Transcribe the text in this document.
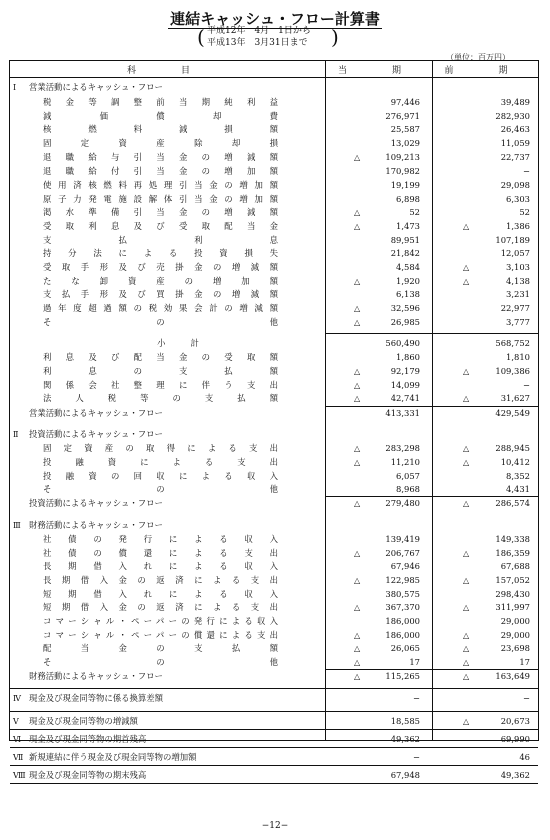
連結キャッシュ・フロー計算書
( 平成12年　4月　1日から
平成13年　3月31日まで )
（単位：百万円）
科　目	当　期	前　期
Ⅰ 営業活動によるキャッシュ・フロー
税金等調整前当期純利益	97,446	39,489
減価償却費	276,971	282,930
核燃料減損額	25,587	26,463
固定資産除却損	13,029	11,059
退職給与引当金の増減額	△	109,213	22,737
退職給付引当金の増加額	170,982	−
使用済核燃料再処理引当金の増加額	19,199	29,098
原子力発電施設解体引当金の増加額	6,898	6,303
渇水準備引当金の増減額	△	52	52
受取利息及び受取配当金	△	1,473	△	1,386
支払利息	89,951	107,189
持分法による投資損失	21,842	12,057
受取手形及び売掛金の増減額	4,584	△	3,103
たな卸資産の増加額	△	1,920	△	4,138
支払手形及び買掛金の増減額	6,138	3,231
過年度超過額の税効果会計の増減額	△	32,596	22,977
その他	△	26,985	3,777
小　　　計	560,490	568,752
利息及び配当金の受取額	1,860	1,810
利息の支払額	△	92,179	△	109,386
関係会社整理に伴う支出	△	14,099	−
法人税等の支払額	△	42,741	△	31,627
営業活動によるキャッシュ・フロー	413,331	429,549
Ⅱ 投資活動によるキャッシュ・フロー
固定資産の取得による支出	△	283,298	△	288,945
投融資による支出	△	11,210	△	10,412
投融資の回収による収入	6,057	8,352
その他	8,968	4,431
投資活動によるキャッシュ・フロー	△	279,480	△	286,574
Ⅲ 財務活動によるキャッシュ・フロー
社債の発行による収入	139,419	149,338
社債の償還による支出	△	206,767	△	186,359
長期借入れによる収入	67,946	67,688
長期借入金の返済による支出	△	122,985	△	157,052
短期借入れによる収入	380,575	298,430
短期借入金の返済による支出	△	367,370	△	311,997
コマーシャル・ペーパーの発行による収入	186,000	29,000
コマーシャル・ペーパーの償還による支出	△	186,000	△	29,000
配当金の支払額	△	26,065	△	23,698
その他	△	17	△	17
財務活動によるキャッシュ・フロー	△	115,265	△	163,649
Ⅳ 現金及び現金同等物に係る換算差額	−	−
Ⅴ 現金及び現金同等物の増減額	18,585	△	20,673
Ⅵ 現金及び現金同等物の期首残高	49,362	69,990
Ⅶ 新規連結に伴う現金及び現金同等物の増加額	−	46
Ⅷ 現金及び現金同等物の期末残高	67,948	49,362
−12−
